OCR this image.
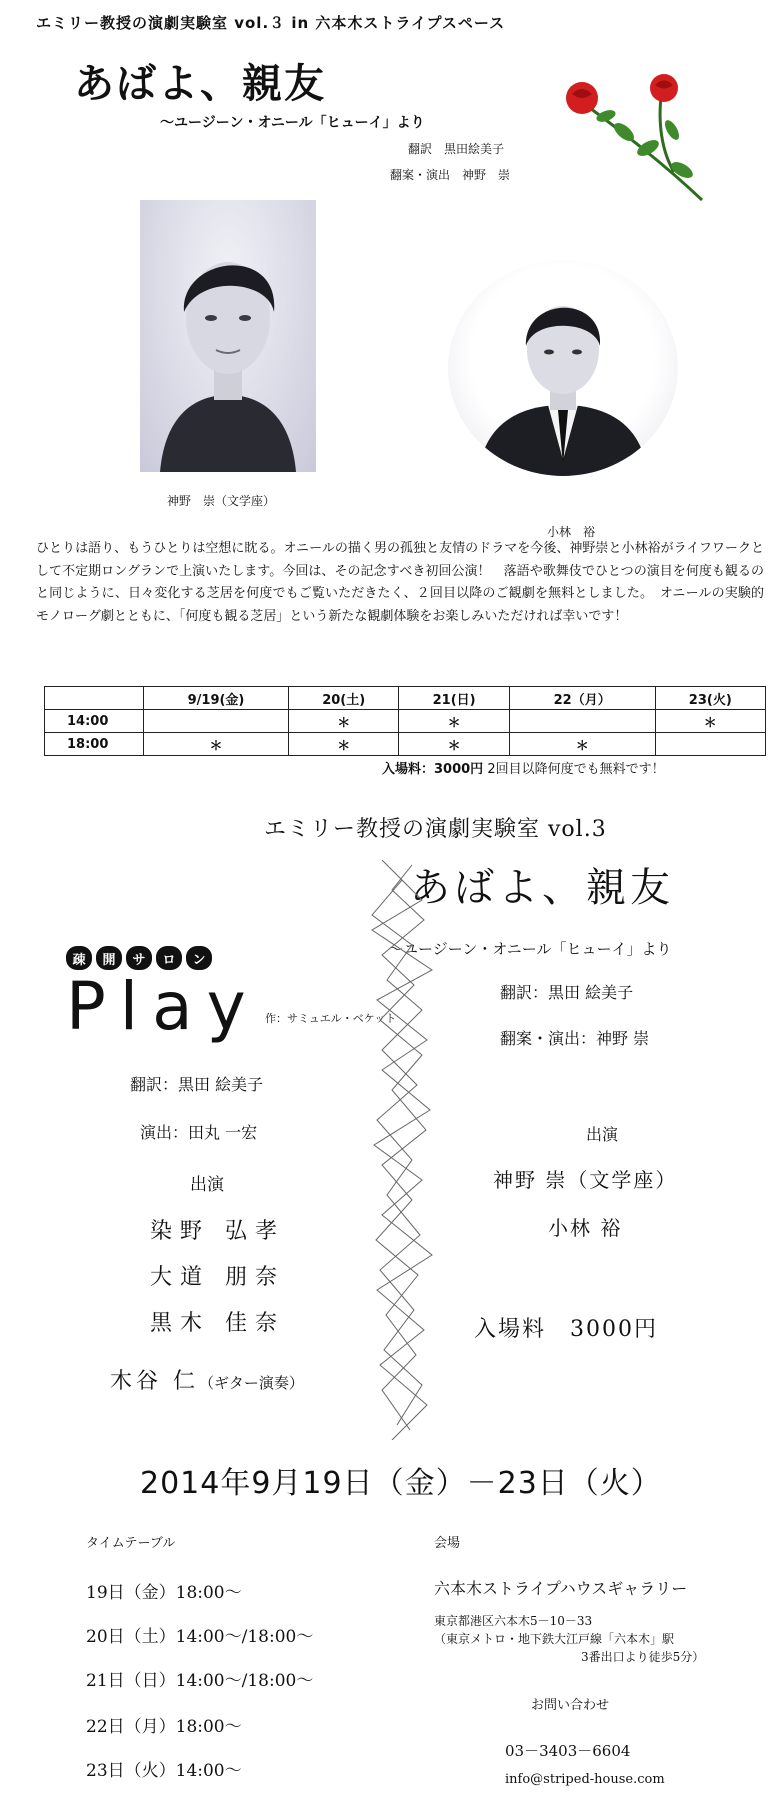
エミリー教授の演劇実験室 vol.３ in 六本木ストライプスペース
あばよ、親友
～ユージーン・オニール「ヒューイ」より
翻訳　黒田絵美子
翻案・演出　神野　崇
神野　崇（文学座）
小林　裕
ひとりは語り、もうひとりは空想に眈る。オニールの描く男の孤独と友情のドラマを今後、神野崇と小林裕がライフワークとして不定期ロングランで上演いたします。今回は、その記念すべき初回公演！　落語や歌舞伎でひとつの演目を何度も観るのと同じように、日々変化する芝居を何度でもご覧いただきたく、２回目以降のご観劇を無料としました。　オニールの実験的モノローグ劇とともに、「何度も観る芝居」という新たな観劇体験をお楽しみいただければ幸いです！
	9/19(金)	20(土)	21(日)	22（月）	23(火)
14:00		＊	＊		＊
18:00	＊	＊	＊	＊	
入場料：3000円 2回目以降何度でも無料です！
エミリー教授の演劇実験室 vol.3
あばよ、親友
～ユージーン・オニール「ヒューイ」より
翻訳：黒田 絵美子
翻案・演出：神野 崇
出演
神野 崇（文学座）
小林 裕
入場料　3000円
疎	開	サ	ロ	ン
Play 作：サミュエル・ベケット
翻訳：黒田 絵美子
演出：田丸 一宏
出演
染野 弘孝
大道 朋奈
黒木 佳奈
木谷 仁（ギター演奏）
2014年9月19日（金）－23日（火）
タイムテーブル
19日（金）18:00～
20日（土）14:00～/18:00～
21日（日）14:00～/18:00～
22日（月）18:00～
23日（火）14:00～
会場
六本木ストライプハウスギャラリー
東京都港区六本木5－10－33
（東京メトロ・地下鉄大江戸線「六本木」駅
3番出口より徒歩5分）
お問い合わせ
03－3403－6604
info@striped-house.com
